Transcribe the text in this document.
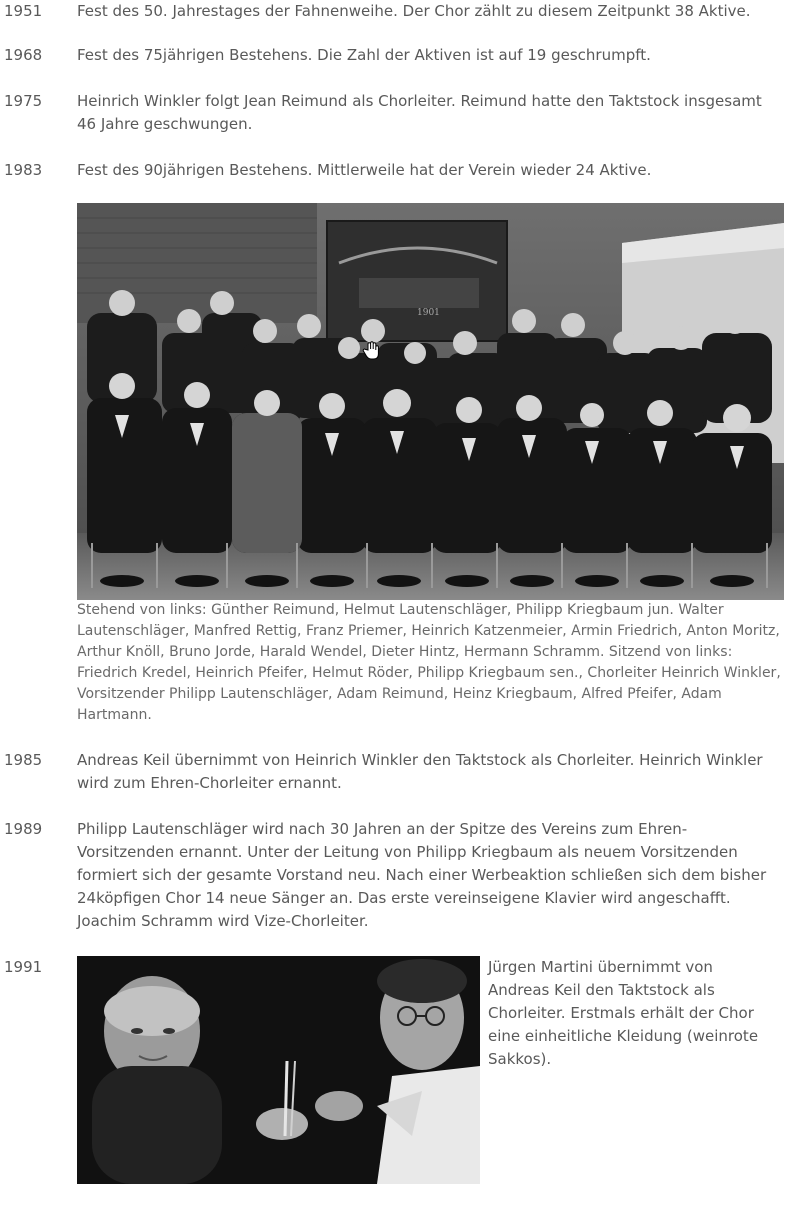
1951	Fest des 50. Jahrestages der Fahnenweihe. Der Chor zählt zu diesem Zeitpunkt 38 Aktive.
1968	Fest des 75jährigen Bestehens. Die Zahl der Aktiven ist auf 19 geschrumpft.
1975	Heinrich Winkler folgt Jean Reimund als Chorleiter. Reimund hatte den Taktstock insgesamt 46 Jahre geschwungen.
1983	Fest des 90jährigen Bestehens. Mittlerweile hat der Verein wieder 24 Aktive.
1901
Stehend von links: Günther Reimund, Helmut Lautenschläger, Philipp Kriegbaum jun. Walter Lautenschläger, Manfred Rettig, Franz Priemer, Heinrich Katzenmeier, Armin Friedrich, Anton Moritz, Arthur Knöll, Bruno Jorde, Harald Wendel, Dieter Hintz, Hermann Schramm. Sitzend von links: Friedrich Kredel, Heinrich Pfeifer, Helmut Röder, Philipp Kriegbaum sen., Chorleiter Heinrich Winkler, Vorsitzender Philipp Lautenschläger, Adam Reimund, Heinz Kriegbaum, Alfred Pfeifer, Adam Hartmann.
1985	Andreas Keil übernimmt von Heinrich Winkler den Taktstock als Chorleiter. Heinrich Winkler wird zum Ehren-Chorleiter ernannt.
1989	Philipp Lautenschläger wird nach 30 Jahren an der Spitze des Vereins zum Ehren-Vorsitzenden ernannt. Unter der Leitung von Philipp Kriegbaum als neuem Vorsitzenden formiert sich der gesamte Vorstand neu. Nach einer Werbeaktion schließen sich dem bisher 24köpfigen Chor 14 neue Sänger an. Das erste vereinseigene Klavier wird angeschafft. Joachim Schramm wird Vize-Chorleiter.
1991	Jürgen Martini übernimmt von Andreas Keil den Taktstock als Chorleiter. Erstmals erhält der Chor eine einheitliche Kleidung (weinrote Sakkos).
